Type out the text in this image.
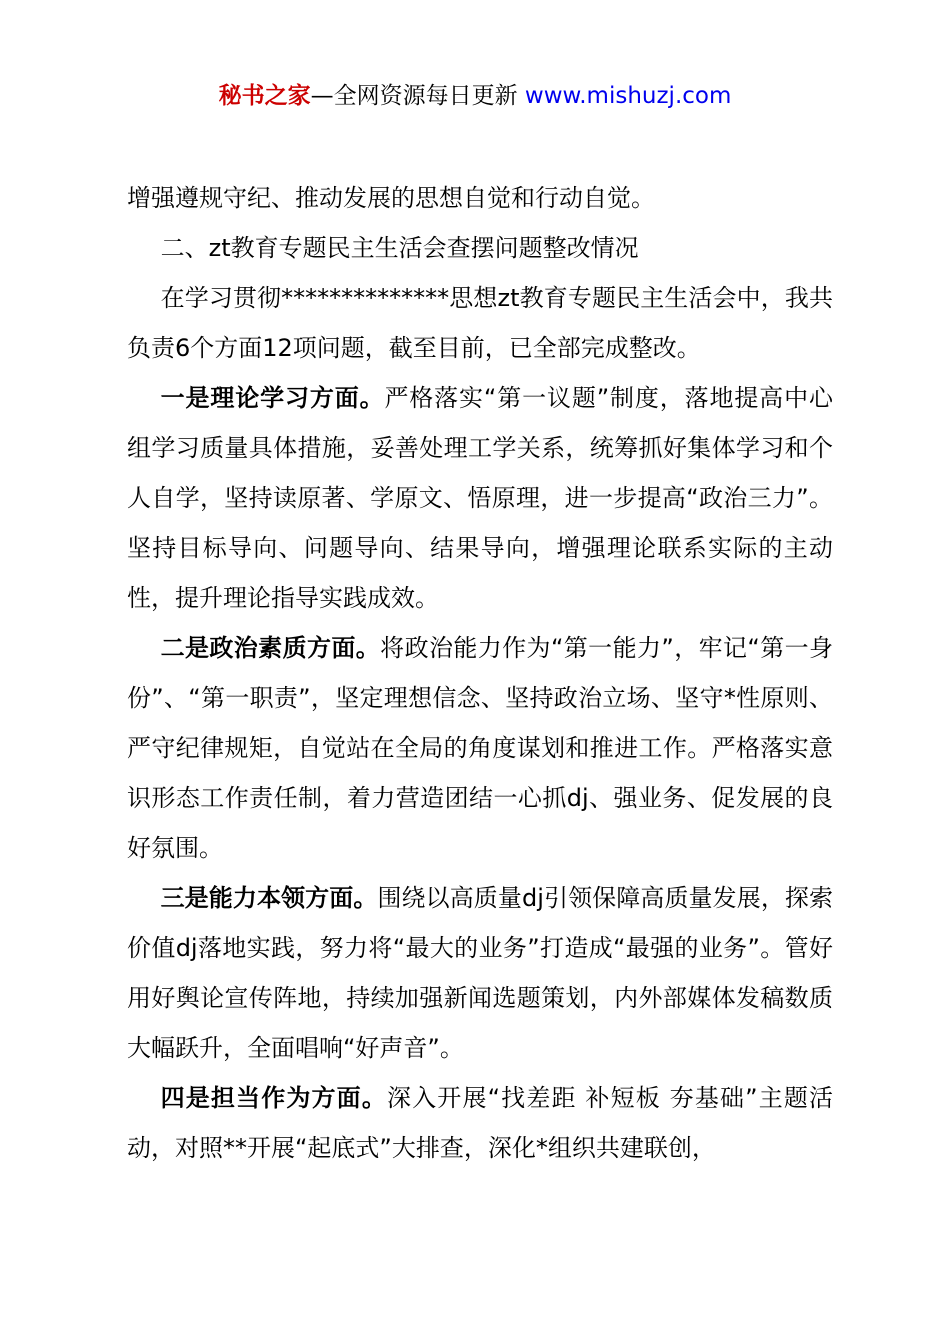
秘书之家—全网资源每日更新 www.mishuzj.com

增强遵规守纪、推动发展的思想自觉和行动自觉。

二、zt教育专题民主生活会查摆问题整改情况

在学习贯彻**************思想zt教育专题民主生活会中，我共负责6个方面12项问题，截至目前，已全部完成整改。

一是理论学习方面。严格落实“第一议题”制度，落地提高中心组学习质量具体措施，妥善处理工学关系，统筹抓好集体学习和个人自学，坚持读原著、学原文、悟原理，进一步提高“政治三力”。坚持目标导向、问题导向、结果导向，增强理论联系实际的主动性，提升理论指导实践成效。

二是政治素质方面。将政治能力作为“第一能力”，牢记“第一身份”、“第一职责”，坚定理想信念、坚持政治立场、坚守*性原则、严守纪律规矩，自觉站在全局的角度谋划和推进工作。严格落实意识形态工作责任制，着力营造团结一心抓dj、强业务、促发展的良好氛围。

三是能力本领方面。围绕以高质量dj引领保障高质量发展，探索价值dj落地实践，努力将“最大的业务”打造成“最强的业务”。管好用好舆论宣传阵地，持续加强新闻选题策划，内外部媒体发稿数质大幅跃升，全面唱响“好声音”。

四是担当作为方面。深入开展“找差距 补短板 夯基础”主题活动，对照**开展“起底式”大排查，深化*组织共建联创，
